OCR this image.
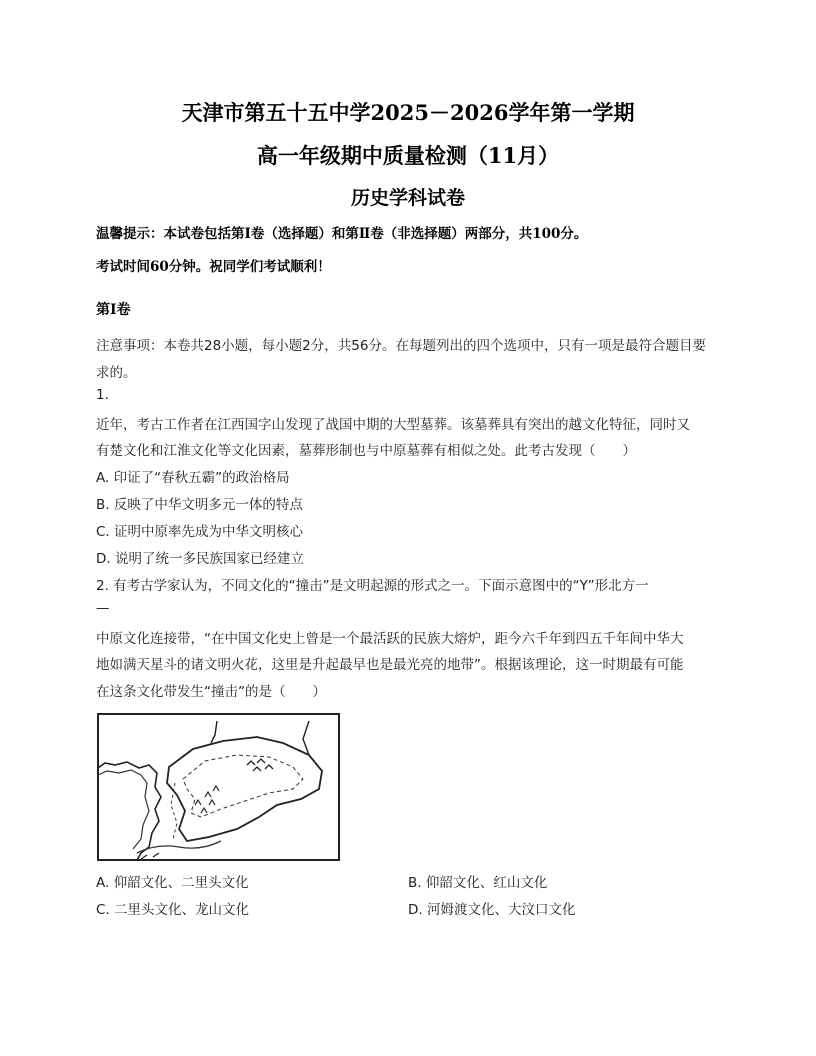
天津市第五十五中学2025－2026学年第一学期
高一年级期中质量检测（11月）
历史学科试卷
温馨提示：本试卷包括第Ⅰ卷（选择题）和第Ⅱ卷（非选择题）两部分，共100分。
考试时间60分钟。祝同学们考试顺利！
第Ⅰ卷
注意事项：本卷共28小题，每小题2分，共56分。在每题列出的四个选项中，只有一项是最符合题目要
求的。
1.
近年，考古工作者在江西国字山发现了战国中期的大型墓葬。该墓葬具有突出的越文化特征，同时又
有楚文化和江淮文化等文化因素，墓葬形制也与中原墓葬有相似之处。此考古发现（　　）
A. 印证了“春秋五霸”的政治格局
B. 反映了中华文明多元一体的特点
C. 证明中原率先成为中华文明核心
D. 说明了统一多民族国家已经建立
2. 有考古学家认为，不同文化的“撞击”是文明起源的形式之一。下面示意图中的“Y”形北方一
—
中原文化连接带，“在中国文化史上曾是一个最活跃的民族大熔炉，距今六千年到四五千年间中华大
地如满天星斗的诸文明火花，这里是升起最早也是最光亮的地带”。根据该理论，这一时期最有可能
在这条文化带发生“撞击”的是（　　）
A. 仰韶文化、二里头文化	B. 仰韶文化、红山文化
C. 二里头文化、龙山文化	D. 河姆渡文化、大汶口文化
